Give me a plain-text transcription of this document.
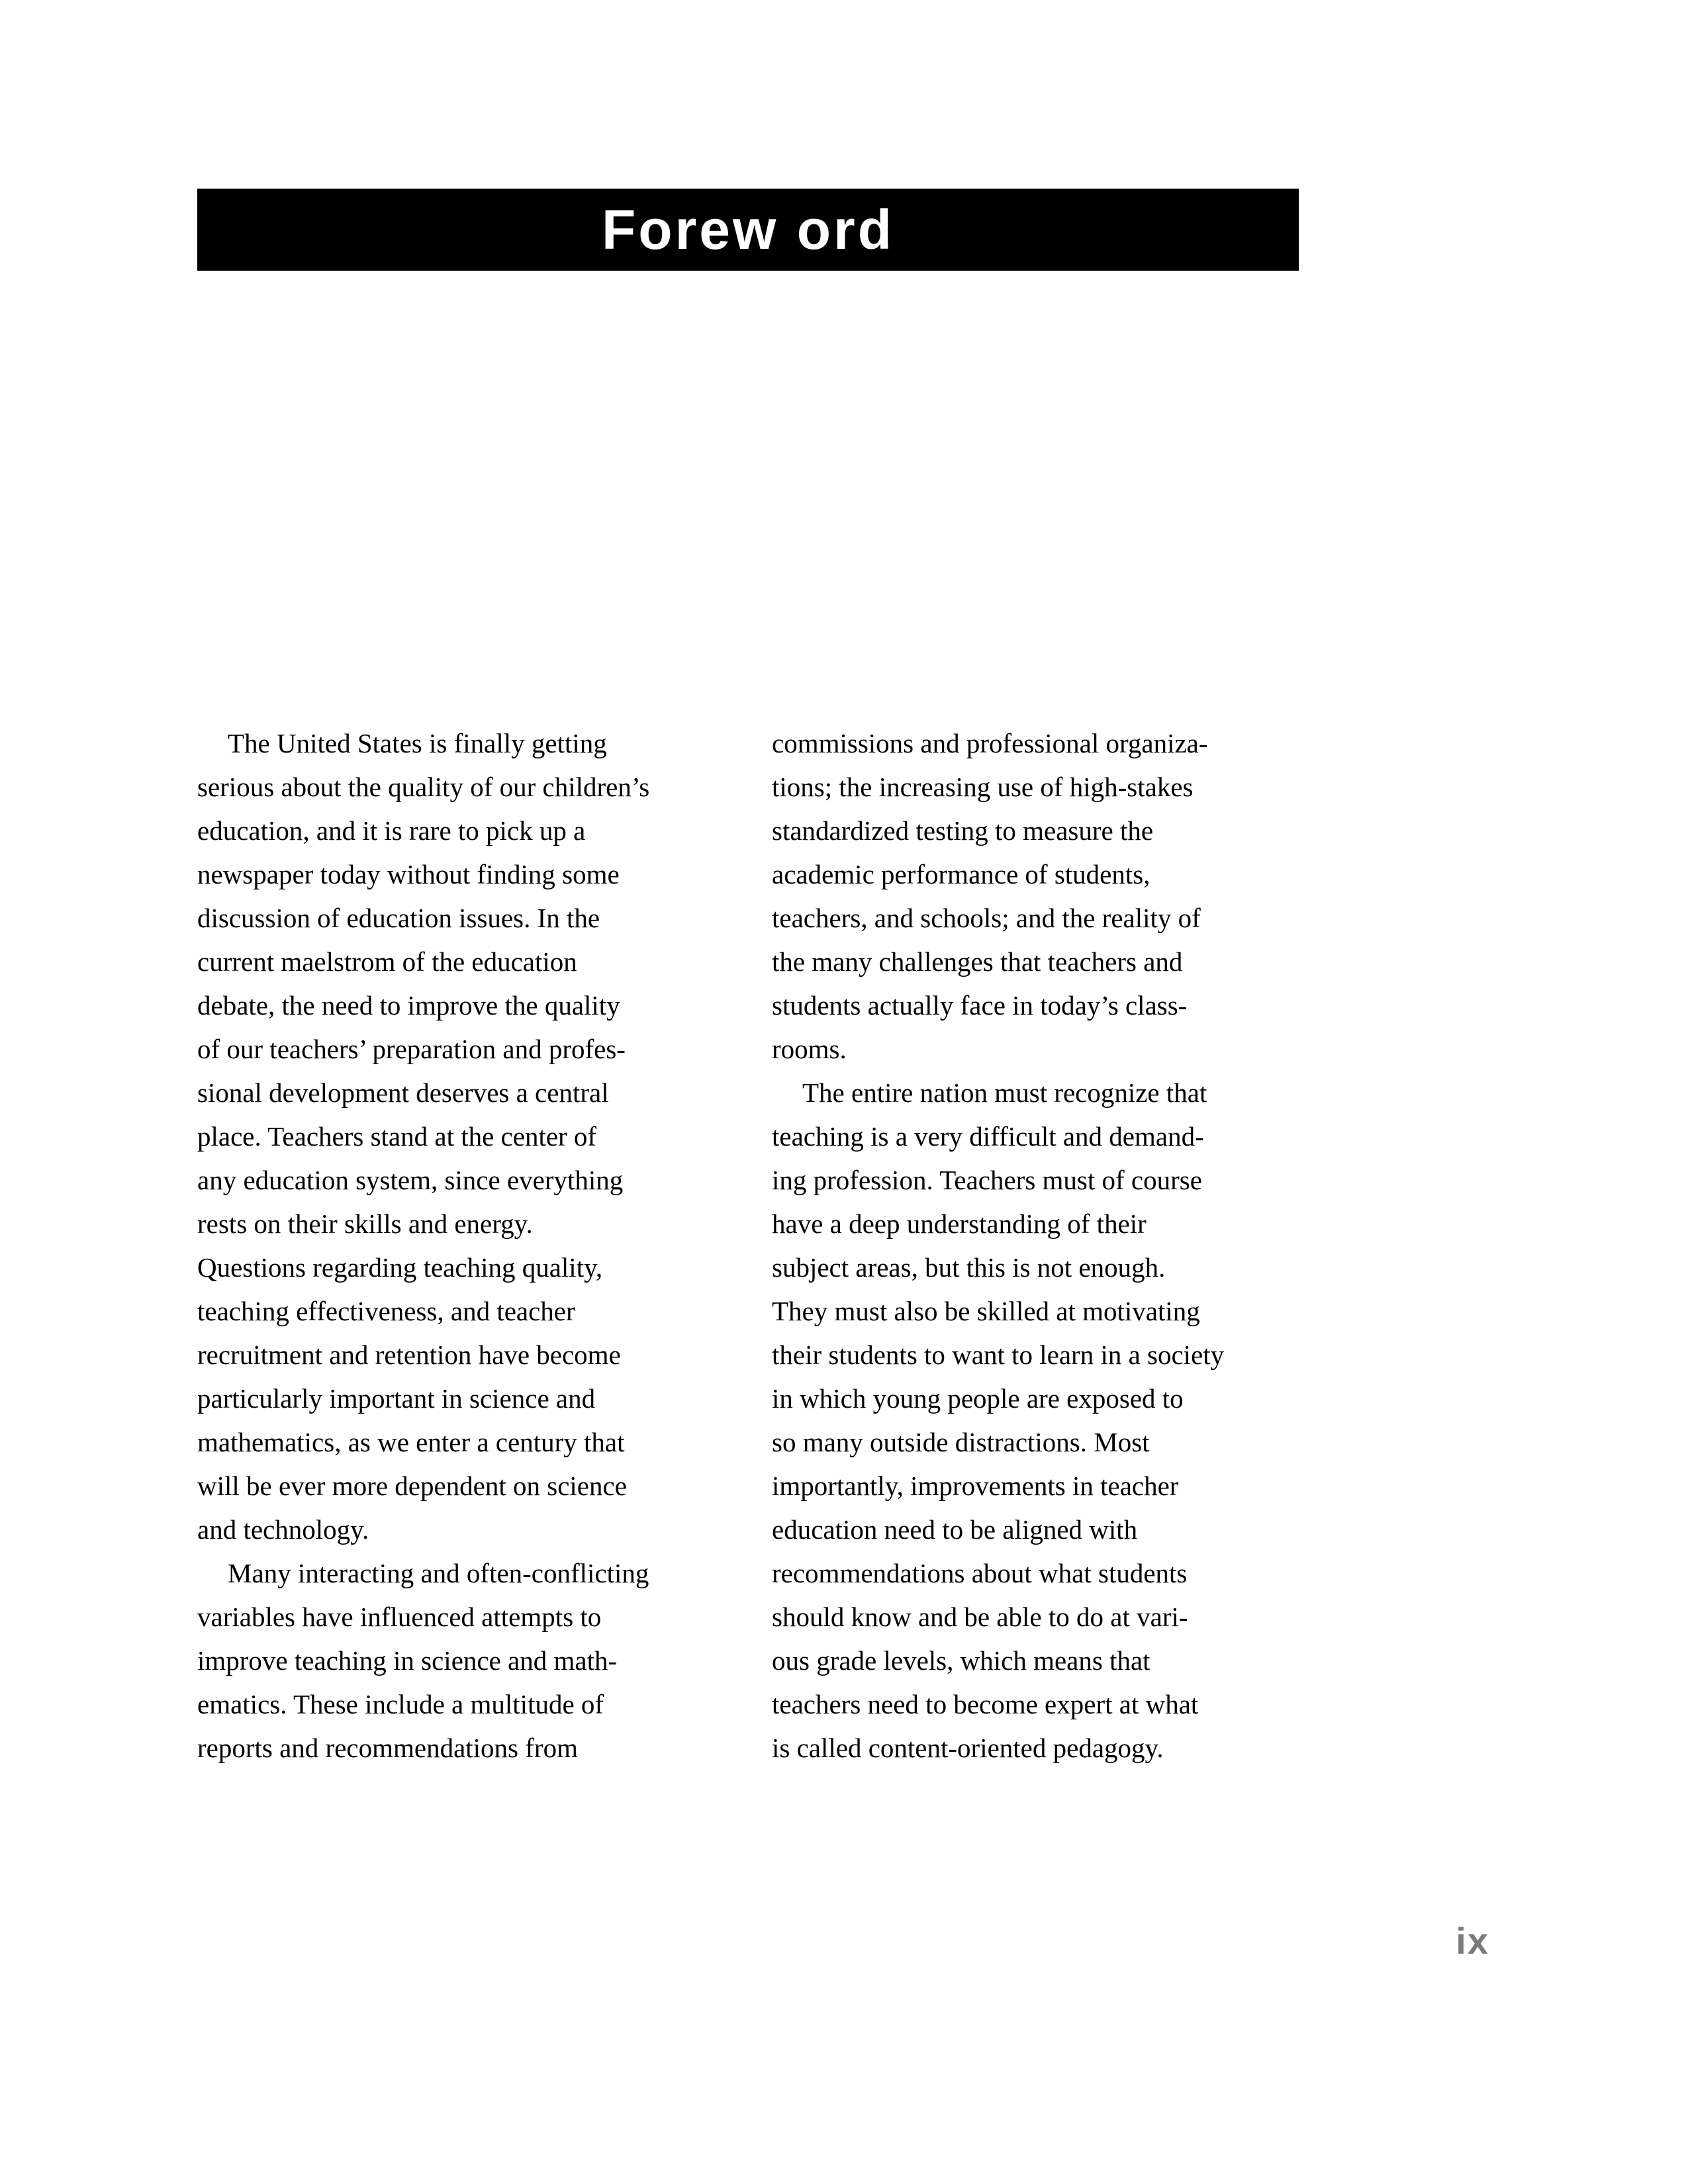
Forew ord
The United States is finally getting
serious about the quality of our children’s
education, and it is rare to pick up a
newspaper today without finding some
discussion of education issues. In the
current maelstrom of the education
debate, the need to improve the quality
of our teachers’ preparation and profes-
sional development deserves a central
place. Teachers stand at the center of
any education system, since everything
rests on their skills and energy.
Questions regarding teaching quality,
teaching effectiveness, and teacher
recruitment and retention have become
particularly important in science and
mathematics, as we enter a century that
will be ever more dependent on science
and technology.
Many interacting and often-conflicting
variables have influenced attempts to
improve teaching in science and math-
ematics. These include a multitude of
reports and recommendations from
commissions and professional organiza-
tions; the increasing use of high-stakes
standardized testing to measure the
academic performance of students,
teachers, and schools; and the reality of
the many challenges that teachers and
students actually face in today’s class-
rooms.
The entire nation must recognize that
teaching is a very difficult and demand-
ing profession. Teachers must of course
have a deep understanding of their
subject areas, but this is not enough.
They must also be skilled at motivating
their students to want to learn in a society
in which young people are exposed to
so many outside distractions. Most
importantly, improvements in teacher
education need to be aligned with
recommendations about what students
should know and be able to do at vari-
ous grade levels, which means that
teachers need to become expert at what
is called content-oriented pedagogy.
ix
